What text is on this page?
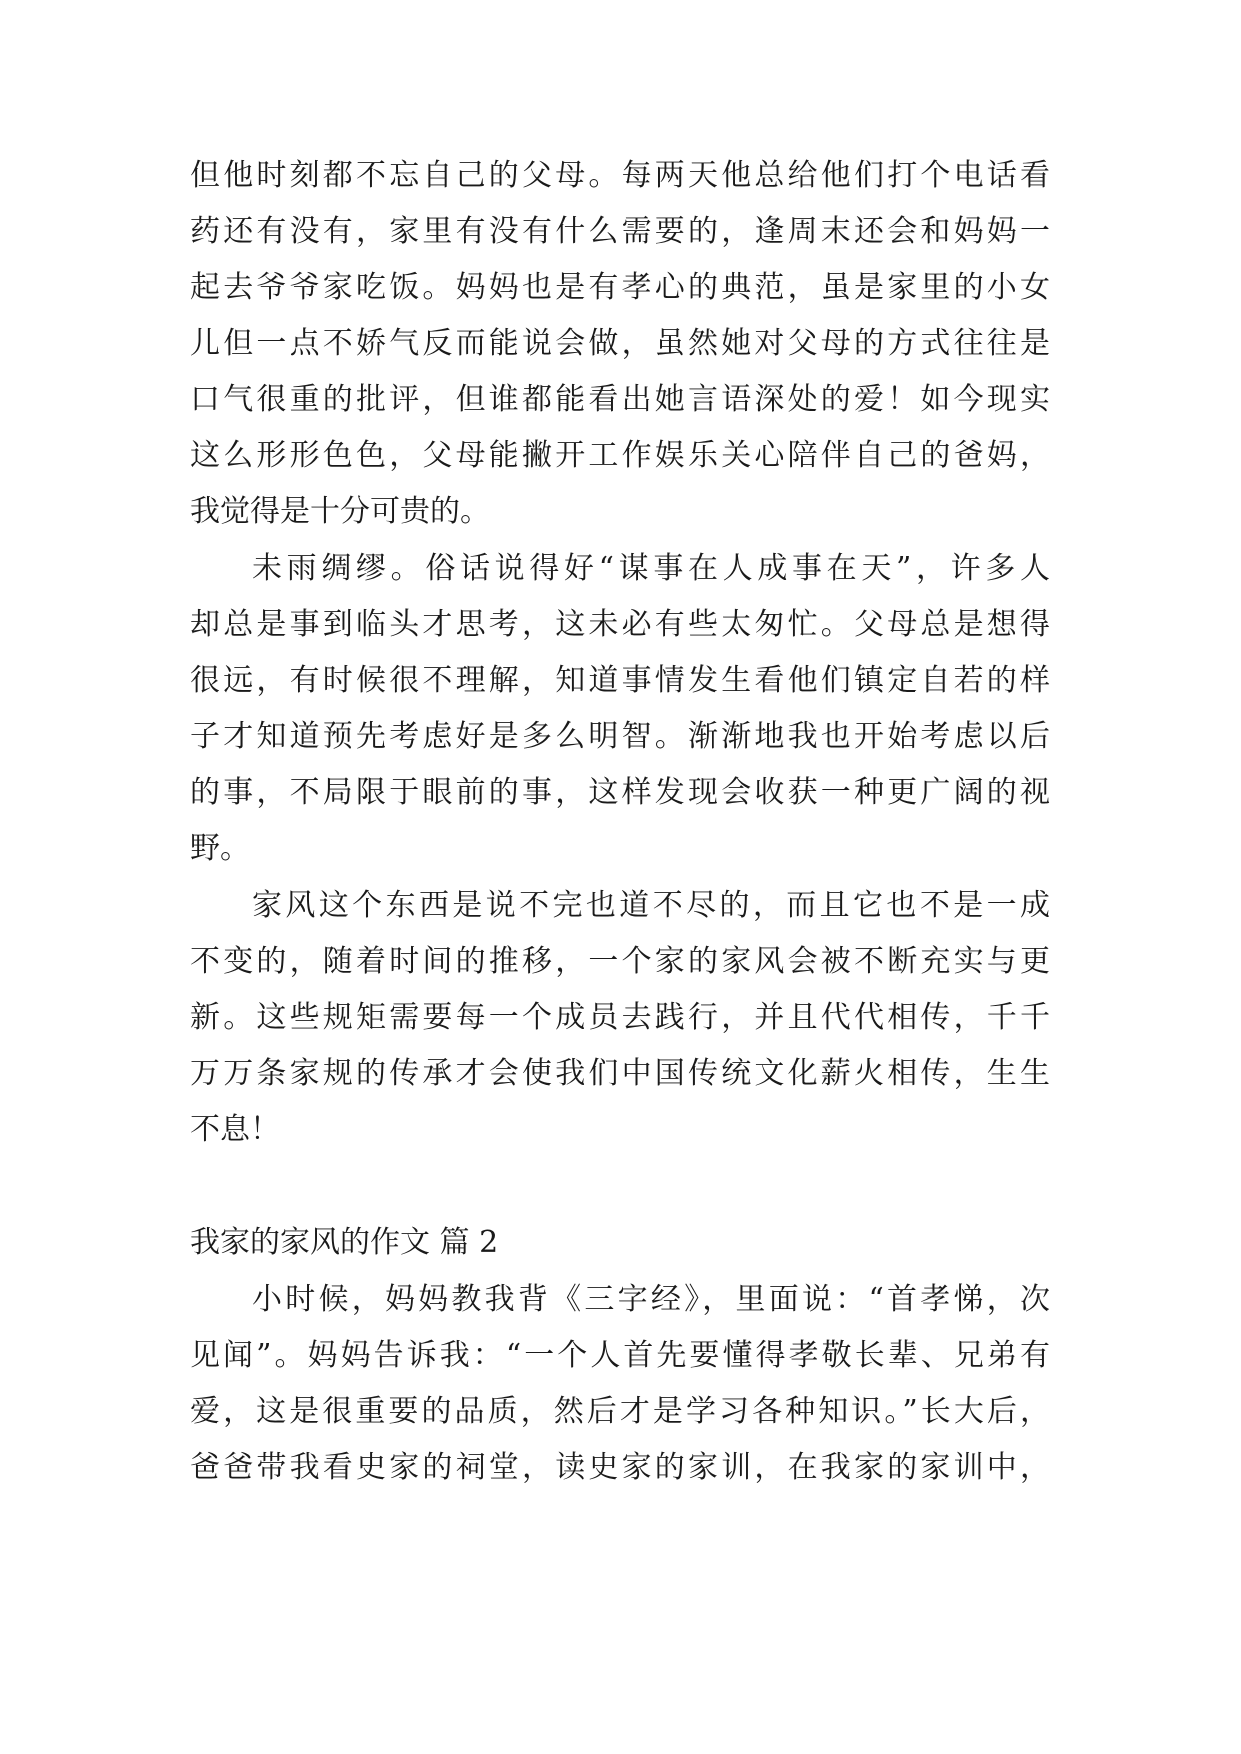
但他时刻都不忘自己的父母。每两天他总给他们打个电话看
药还有没有，家里有没有什么需要的，逢周末还会和妈妈一
起去爷爷家吃饭。妈妈也是有孝心的典范，虽是家里的小女
儿但一点不娇气反而能说会做，虽然她对父母的方式往往是
口气很重的批评，但谁都能看出她言语深处的爱！如今现实
这么形形色色，父母能撇开工作娱乐关心陪伴自己的爸妈，
我觉得是十分可贵的。
未雨绸缪。俗话说得好“谋事在人成事在天”，许多人
却总是事到临头才思考，这未必有些太匆忙。父母总是想得
很远，有时候很不理解，知道事情发生看他们镇定自若的样
子才知道预先考虑好是多么明智。渐渐地我也开始考虑以后
的事，不局限于眼前的事，这样发现会收获一种更广阔的视
野。
家风这个东西是说不完也道不尽的，而且它也不是一成
不变的，随着时间的推移，一个家的家风会被不断充实与更
新。这些规矩需要每一个成员去践行，并且代代相传，千千
万万条家规的传承才会使我们中国传统文化薪火相传，生生
不息！
我家的家风的作文 篇 2
小时候，妈妈教我背《三字经》，里面说：“首孝悌，次
见闻”。妈妈告诉我：“一个人首先要懂得孝敬长辈、兄弟有
爱，这是很重要的品质，然后才是学习各种知识。”长大后，
爸爸带我看史家的祠堂，读史家的家训，在我家的家训中，
